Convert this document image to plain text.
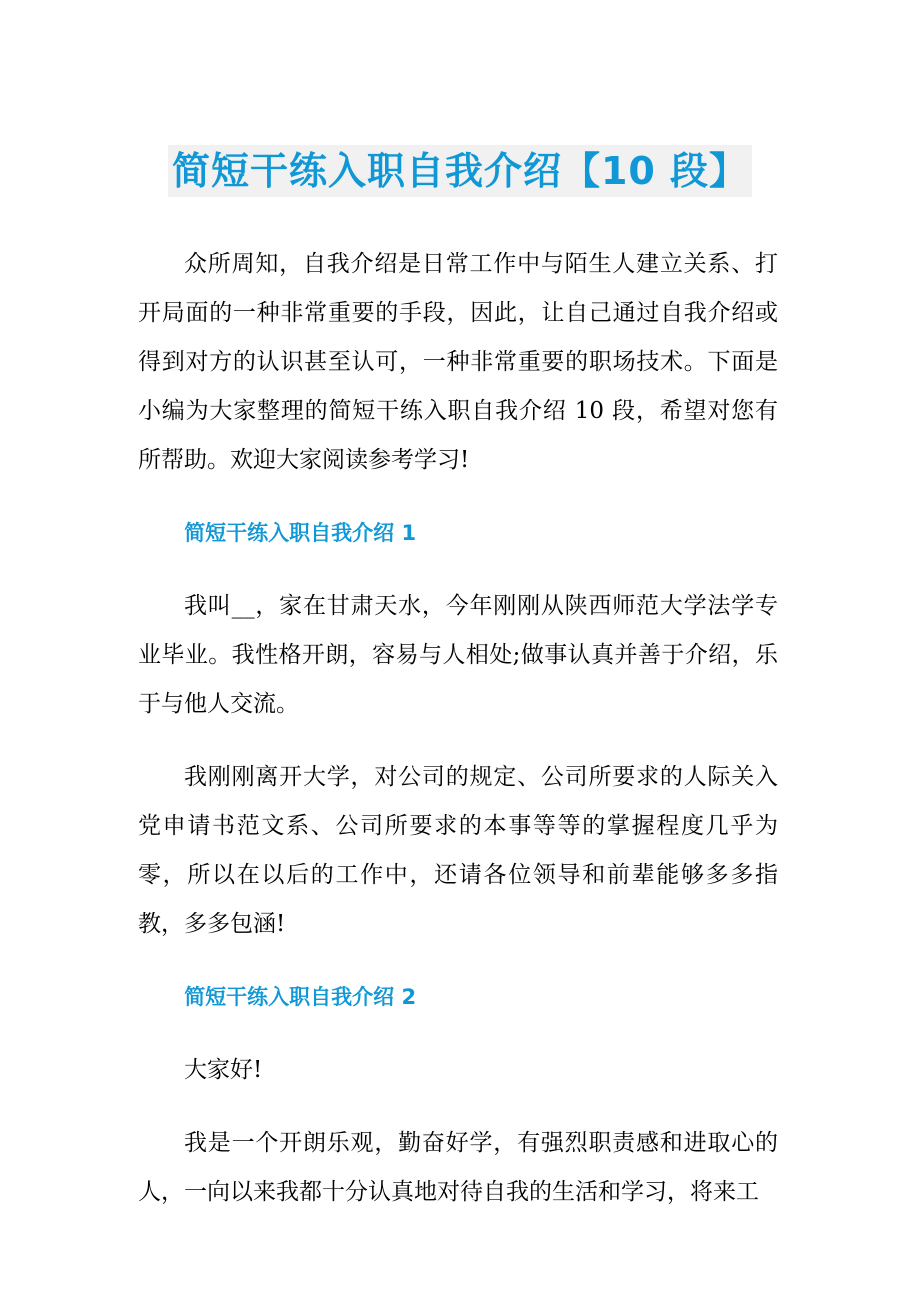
简短干练入职自我介绍【10 段】

众所周知，自我介绍是日常工作中与陌生人建立关系、打开局面的一种非常重要的手段，因此，让自己通过自我介绍或得到对方的认识甚至认可，一种非常重要的职场技术。下面是小编为大家整理的简短干练入职自我介绍 10 段，希望对您有所帮助。欢迎大家阅读参考学习!

简短干练入职自我介绍 1

我叫__，家在甘肃天水，今年刚刚从陕西师范大学法学专业毕业。我性格开朗，容易与人相处;做事认真并善于介绍，乐于与他人交流。

我刚刚离开大学，对公司的规定、公司所要求的人际关入党申请书范文系、公司所要求的本事等等的掌握程度几乎为零，所以在以后的工作中，还请各位领导和前辈能够多多指教，多多包涵!

简短干练入职自我介绍 2

大家好!

我是一个开朗乐观，勤奋好学，有强烈职责感和进取心的人，一向以来我都十分认真地对待自我的生活和学习，将来工
